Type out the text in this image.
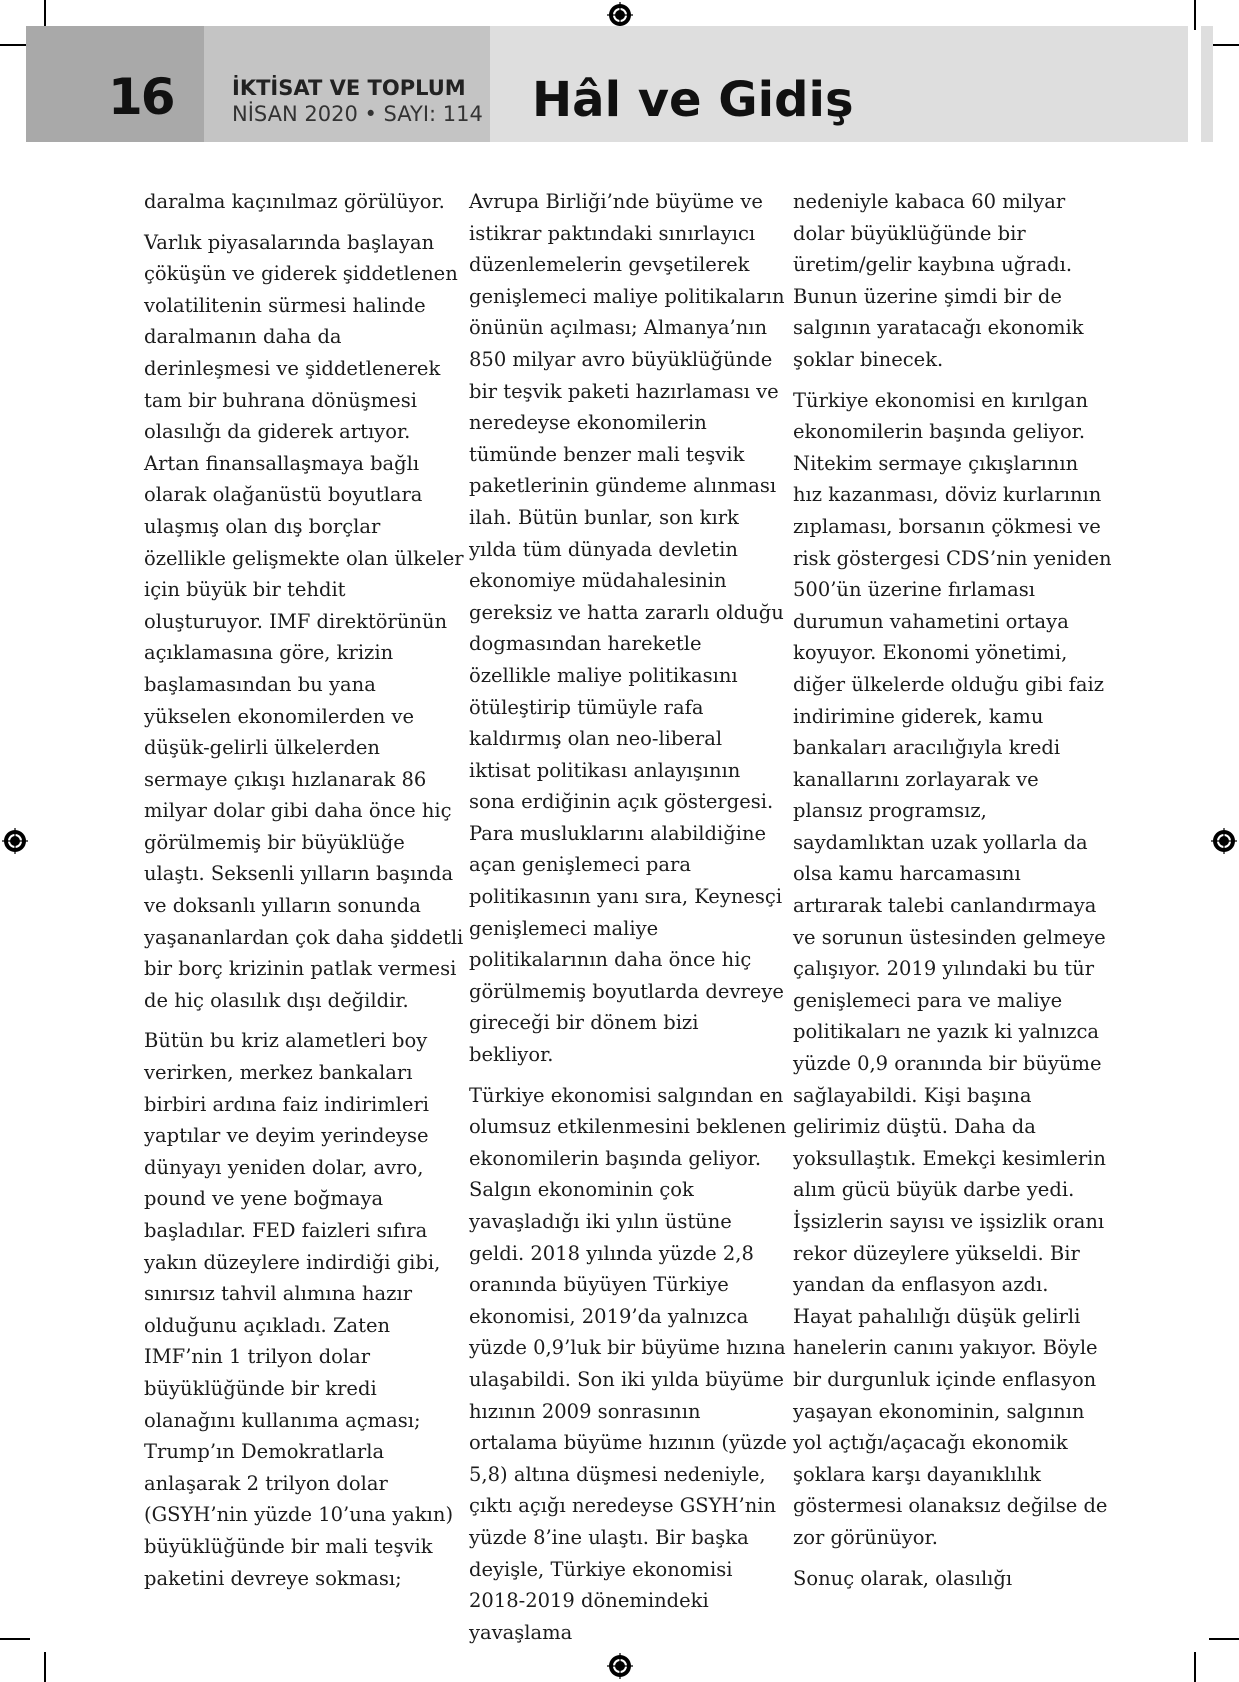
16	İKTİSAT VE TOPLUM
NİSAN 2020 • SAYI: 114 Hâl ve Gidiş

daralma kaçınılmaz görülüyor.

Varlık piyasalarında başlayan çöküşün ve giderek şiddetlenen volatilitenin sürmesi halinde daralmanın daha da derinleşmesi ve şiddetlenerek tam bir buhrana dönüşmesi olasılığı da giderek artıyor. Artan finansallaşmaya bağlı olarak olağanüstü boyutlara ulaşmış olan dış borçlar özellikle gelişmekte olan ülkeler için büyük bir tehdit oluşturuyor. IMF direktörünün açıklamasına göre, krizin başlamasından bu yana yükselen ekonomilerden ve düşük-gelirli ülkelerden sermaye çıkışı hızlanarak 86 milyar dolar gibi daha önce hiç görülmemiş bir büyüklüğe ulaştı. Seksenli yılların başında ve doksanlı yılların sonunda yaşananlardan çok daha şiddetli bir borç krizinin patlak vermesi de hiç olasılık dışı değildir.

Bütün bu kriz alametleri boy verirken, merkez bankaları birbiri ardına faiz indirimleri yaptılar ve deyim yerindeyse dünyayı yeniden dolar, avro, pound ve yene boğmaya başladılar. FED faizleri sıfıra yakın düzeylere indirdiği gibi, sınırsız tahvil alımına hazır olduğunu açıkladı. Zaten IMF’nin 1 trilyon dolar büyüklüğünde bir kredi olanağını kullanıma açması; Trump’ın Demokratlarla anlaşarak 2 trilyon dolar (GSYH’nin yüzde 10’una yakın) büyüklüğünde bir mali teşvik paketini devreye sokması;

Avrupa Birliği’nde büyüme ve istikrar paktındaki sınırlayıcı düzenlemelerin gevşetilerek genişlemeci maliye politikaların önünün açılması; Almanya’nın 850 milyar avro büyüklüğünde bir teşvik paketi hazırlaması ve neredeyse ekonomilerin tümünde benzer mali teşvik paketlerinin gündeme alınması ilah. Bütün bunlar, son kırk yılda tüm dünyada devletin ekonomiye müdahalesinin gereksiz ve hatta zararlı olduğu dogmasından hareketle özellikle maliye politikasını ötüleştirip tümüyle rafa kaldırmış olan neo-liberal iktisat politikası anlayışının sona erdiğinin açık göstergesi. Para musluklarını alabildiğine açan genişlemeci para politikasının yanı sıra, Keynesçi genişlemeci maliye politikalarının daha önce hiç görülmemiş boyutlarda devreye gireceği bir dönem bizi bekliyor.

Türkiye ekonomisi salgından en olumsuz etkilenmesini beklenen ekonomilerin başında geliyor. Salgın ekonominin çok yavaşladığı iki yılın üstüne geldi. 2018 yılında yüzde 2,8 oranında büyüyen Türkiye ekonomisi, 2019’da yalnızca yüzde 0,9’luk bir büyüme hızına ulaşabildi. Son iki yılda büyüme hızının 2009 sonrasının ortalama büyüme hızının (yüzde 5,8) altına düşmesi nedeniyle, çıktı açığı neredeyse GSYH’nin yüzde 8’ine ulaştı. Bir başka deyişle, Türkiye ekonomisi 2018-2019 dönemindeki yavaşlama

nedeniyle kabaca 60 milyar dolar büyüklüğünde bir üretim/gelir kaybına uğradı. Bunun üzerine şimdi bir de salgının yaratacağı ekonomik şoklar binecek.

Türkiye ekonomisi en kırılgan ekonomilerin başında geliyor. Nitekim sermaye çıkışlarının hız kazanması, döviz kurlarının zıplaması, borsanın çökmesi ve risk göstergesi CDS’nin yeniden 500’ün üzerine fırlaması durumun vahametini ortaya koyuyor. Ekonomi yönetimi, diğer ülkelerde olduğu gibi faiz indirimine giderek, kamu bankaları aracılığıyla kredi kanallarını zorlayarak ve plansız programsız, saydamlıktan uzak yollarla da olsa kamu harcamasını artırarak talebi canlandırmaya ve sorunun üstesinden gelmeye çalışıyor. 2019 yılındaki bu tür genişlemeci para ve maliye politikaları ne yazık ki yalnızca yüzde 0,9 oranında bir büyüme sağlayabildi. Kişi başına gelirimiz düştü. Daha da yoksullaştık. Emekçi kesimlerin alım gücü büyük darbe yedi. İşsizlerin sayısı ve işsizlik oranı rekor düzeylere yükseldi. Bir yandan da enflasyon azdı. Hayat pahalılığı düşük gelirli hanelerin canını yakıyor. Böyle bir durgunluk içinde enflasyon yaşayan ekonominin, salgının yol açtığı/açacağı ekonomik şoklara karşı dayanıklılık göstermesi olanaksız değilse de zor görünüyor.

Sonuç olarak, olasılığı
